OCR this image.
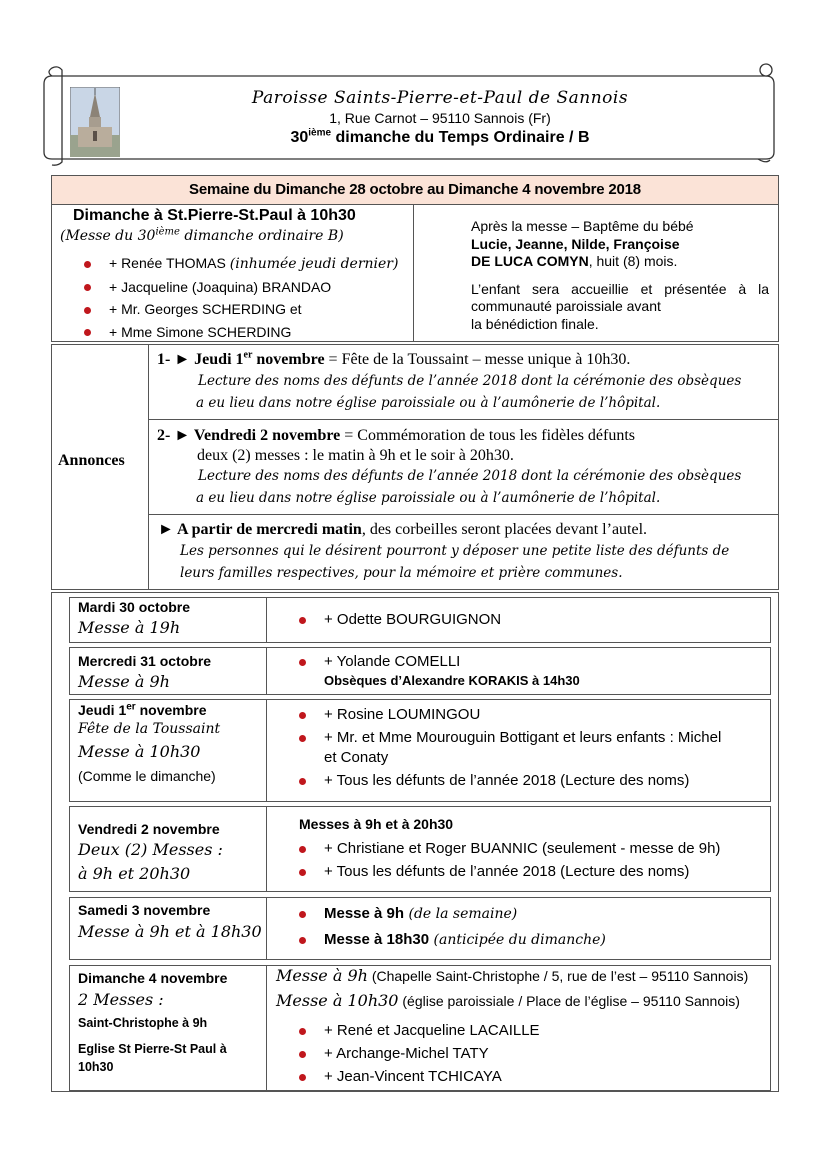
Paroisse Saints-Pierre-et-Paul de Sannois
1, Rue Carnot – 95110 Sannois (Fr)
30ième dimanche du Temps Ordinaire / B
Semaine du Dimanche 28 octobre au Dimanche 4 novembre 2018
Dimanche à St.Pierre-St.Paul à 10h30
(Messe du 30ième dimanche ordinaire B)
+ Renée THOMAS (inhumée jeudi dernier)
+ Jacqueline (Joaquina) BRANDAO
+ Mr. Georges SCHERDING et
+ Mme Simone SCHERDING
Après la messe – Baptême du bébé
Lucie, Jeanne, Nilde, Françoise
DE LUCA COMYN, huit (8) mois.
L’enfant sera accueillie et présentée à la
communauté paroissiale avant
la bénédiction finale.
Annonces
1- ► Jeudi 1er novembre = Fête de la Toussaint – messe unique à 10h30.
Lecture des noms des défunts de l’année 2018 dont la cérémonie des obsèques
a eu lieu dans notre église paroissiale ou à l’aumônerie de l’hôpital.
2- ► Vendredi 2 novembre = Commémoration de tous les fidèles défunts
deux (2) messes : le matin à 9h et le soir à 20h30.
Lecture des noms des défunts de l’année 2018 dont la cérémonie des obsèques
a eu lieu dans notre église paroissiale ou à l’aumônerie de l’hôpital.
► A partir de mercredi matin, des corbeilles seront placées devant l’autel.
Les personnes qui le désirent pourront y déposer une petite liste des défunts de
leurs familles respectives, pour la mémoire et prière communes.
Mardi 30 octobre
Messe à 19h	+ Odette BOURGUIGNON
Mercredi 31 octobre
Messe à 9h
+ Yolande COMELLI
Obsèques d’Alexandre KORAKIS à 14h30
Jeudi 1er novembre
Fête de la Toussaint
Messe à 10h30
(Comme le dimanche)
+ Rosine LOUMINGOU
+ Mr. et Mme Mourouguin Bottigant et leurs enfants : Michel
et Conaty
+ Tous les défunts de l’année 2018 (Lecture des noms)
Vendredi 2 novembre
Deux (2) Messes :
à 9h et 20h30
Messes à 9h et à 20h30
+ Christiane et Roger BUANNIC (seulement - messe de 9h)
+ Tous les défunts de l’année 2018 (Lecture des noms)
Samedi 3 novembre
Messe à 9h et à 18h30
Messe à 9h (de la semaine)
Messe à 18h30 (anticipée du dimanche)
Dimanche 4 novembre
2 Messes :
Saint-Christophe à 9h
Eglise St Pierre-St Paul à
10h30
Messe à 9h (Chapelle Saint-Christophe / 5, rue de l’est – 95110 Sannois)
Messe à 10h30 (église paroissiale / Place de l’église – 95110 Sannois)
+ René et Jacqueline LACAILLE
+ Archange-Michel TATY
+ Jean-Vincent TCHICAYA
